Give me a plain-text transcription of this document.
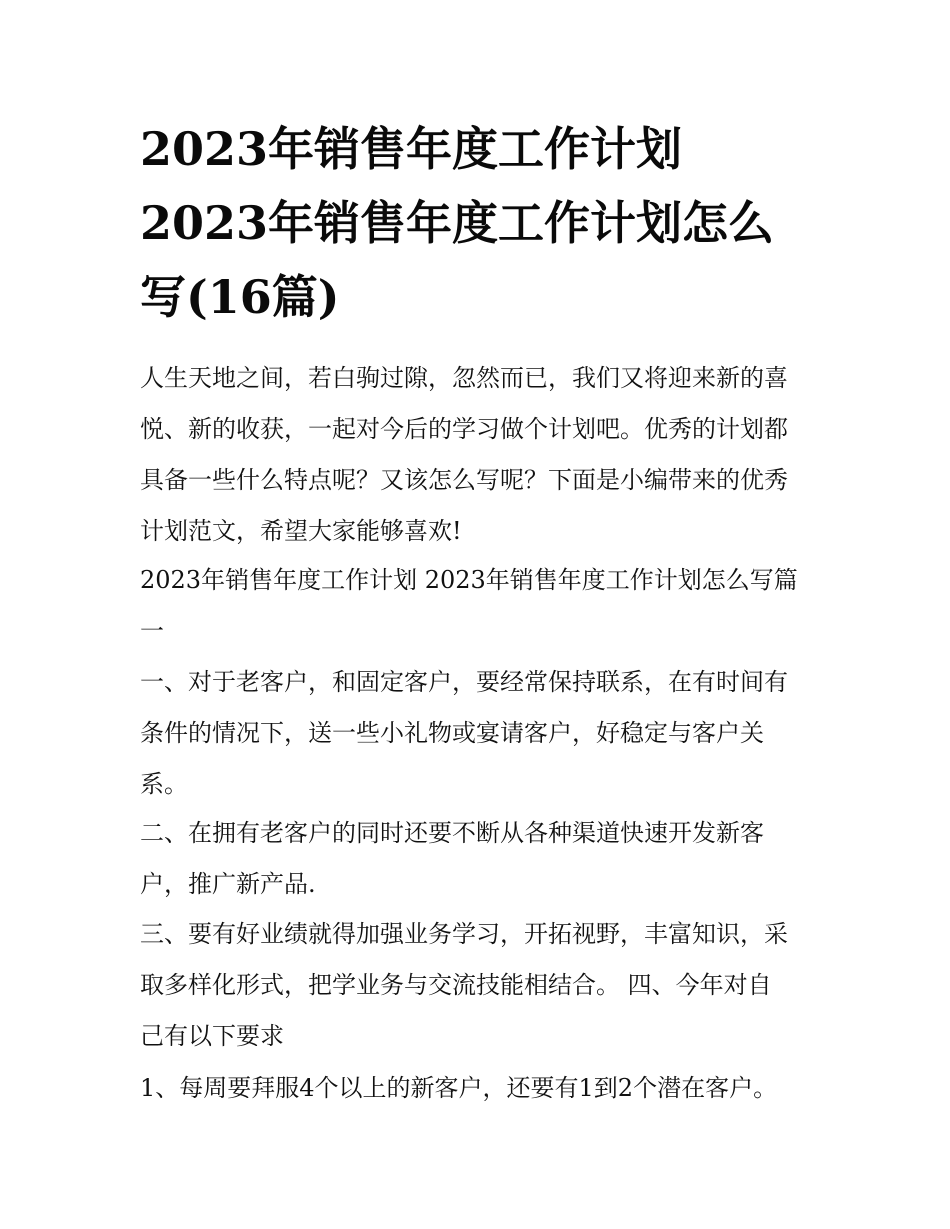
2023年销售年度工作计划
2023年销售年度工作计划怎么
写(16篇)

人生天地之间，若白驹过隙，忽然而已，我们又将迎来新的喜
悦、新的收获，一起对今后的学习做个计划吧。优秀的计划都
具备一些什么特点呢？又该怎么写呢？下面是小编带来的优秀
计划范文，希望大家能够喜欢!

2023年销售年度工作计划 2023年销售年度工作计划怎么写篇
一

一、对于老客户，和固定客户，要经常保持联系，在有时间有
条件的情况下，送一些小礼物或宴请客户，好稳定与客户关
系。

二、在拥有老客户的同时还要不断从各种渠道快速开发新客
户，推广新产品.

三、要有好业绩就得加强业务学习，开拓视野，丰富知识，采
取多样化形式，把学业务与交流技能相结合。 四、今年对自
己有以下要求

1、每周要拜服4个以上的新客户，还要有1到2个潜在客户。
